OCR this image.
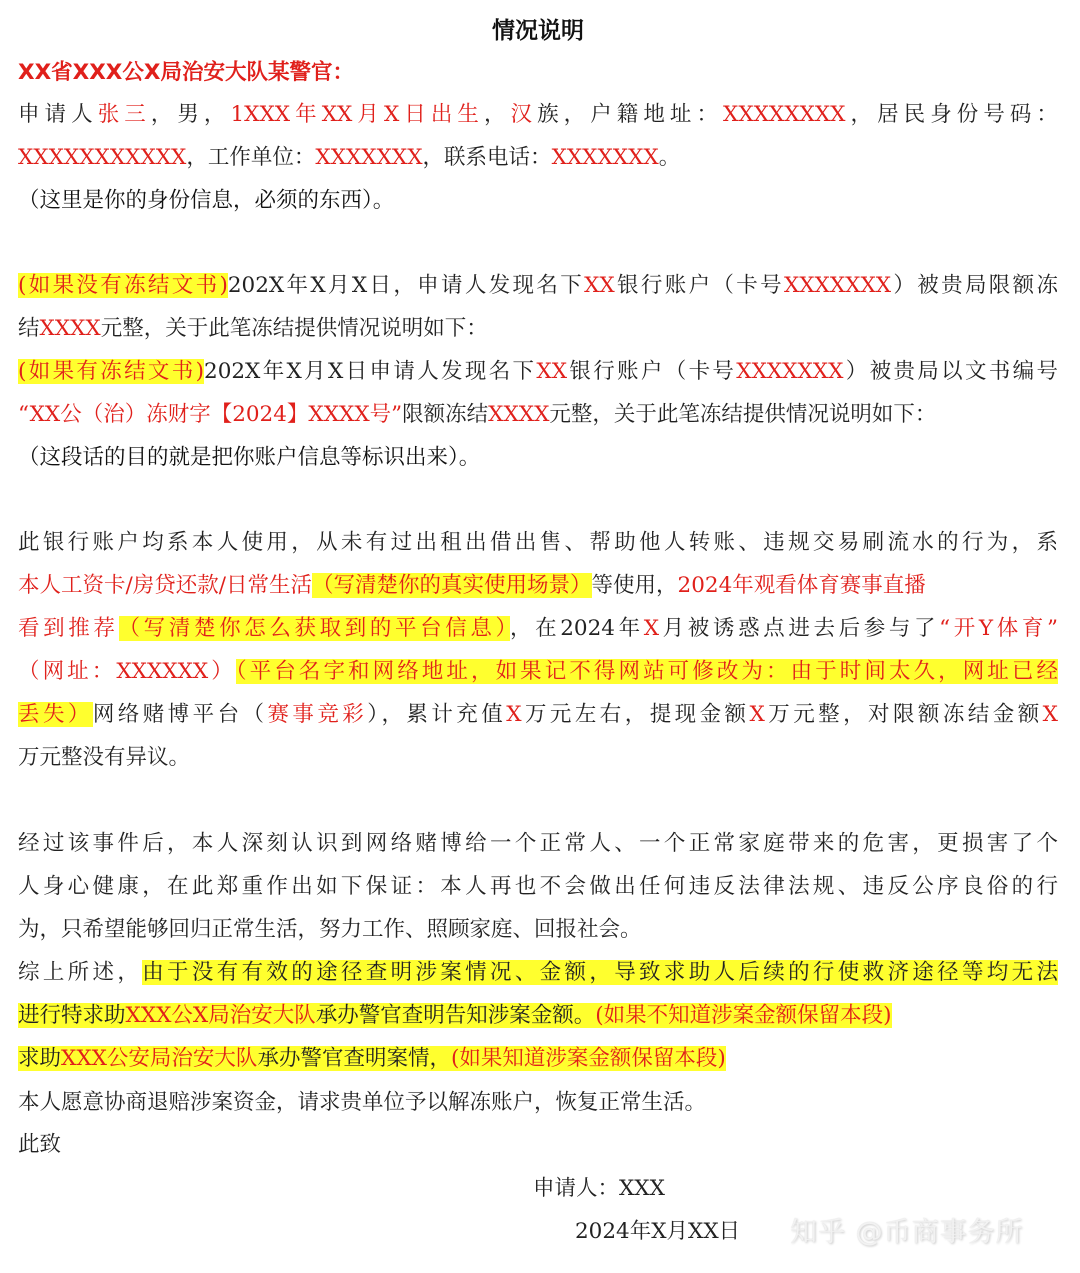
情况说明
XX省XXX公X局治安大队某警官：
申请人张三，男，1XXX年XX月X日出生，汉族，户籍地址：XXXXXXXX，居民身份号码：
XXXXXXXXXXX，工作单位：XXXXXXX，联系电话：XXXXXXX。
（这里是你的身份信息，必须的东西）。
(如果没有冻结文书)202X年X月X日，申请人发现名下XX银行账户（卡号XXXXXXX）被贵局限额冻
结XXXX元整，关于此笔冻结提供情况说明如下：
(如果有冻结文书)202X年X月X日申请人发现名下XX银行账户（卡号XXXXXXX）被贵局以文书编号
“XX公（治）冻财字【2024】XXXX号”限额冻结XXXX元整，关于此笔冻结提供情况说明如下：
（这段话的目的就是把你账户信息等标识出来）。
此银行账户均系本人使用，从未有过出租出借出售、帮助他人转账、违规交易刷流水的行为，系
本人工资卡/房贷还款/日常生活（写清楚你的真实使用场景）等使用，2024年观看体育赛事直播
看到推荐（写清楚你怎么获取到的平台信息），在2024年X月被诱惑点进去后参与了“开Y体育”
（网址：XXXXXX）（平台名字和网络地址，如果记不得网站可修改为：由于时间太久，网址已经
丢失）网络赌博平台（赛事竞彩），累计充值X万元左右，提现金额X万元整，对限额冻结金额X
万元整没有异议。
经过该事件后，本人深刻认识到网络赌博给一个正常人、一个正常家庭带来的危害，更损害了个
人身心健康，在此郑重作出如下保证：本人再也不会做出任何违反法律法规、违反公序良俗的行
为，只希望能够回归正常生活，努力工作、照顾家庭、回报社会。
综上所述，由于没有有效的途径查明涉案情况、金额，导致求助人后续的行使救济途径等均无法
进行特求助XXX公X局治安大队承办警官查明告知涉案金额。(如果不知道涉案金额保留本段)
求助XXX公安局治安大队承办警官查明案情，(如果知道涉案金额保留本段)
本人愿意协商退赔涉案资金，请求贵单位予以解冻账户，恢复正常生活。
此致
申请人：XXX
2024年X月XX日 知乎 @币商事务所
